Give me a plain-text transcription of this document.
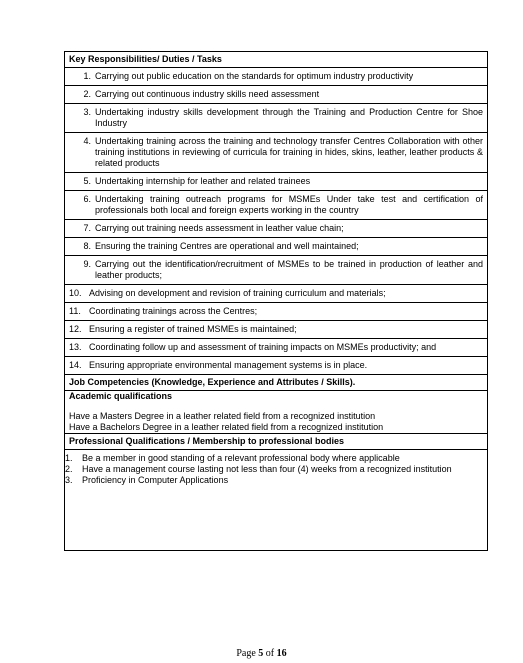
Key Responsibilities/ Duties / Tasks

1. Carrying out public education on the standards for optimum industry productivity

2. Carrying out continuous industry skills need assessment

3. Undertaking industry skills development through the Training and Production Centre for Shoe Industry

4. Undertaking training across the training and technology transfer Centres Collaboration with other training institutions in reviewing of curricula for training in hides, skins, leather, leather products & related products

5. Undertaking internship for leather and related trainees

6. Undertaking training outreach programs for MSMEs Under take test and certification of professionals both local and foreign experts working in the country

7. Carrying out training needs assessment in leather value chain;

8. Ensuring the training Centres are operational and well maintained;

9. Carrying out the identification/recruitment of MSMEs to be trained in production of leather and leather products;

10. Advising on development and revision of training curriculum and materials;

11. Coordinating trainings across the Centres;

12. Ensuring a register of trained MSMEs is maintained;

13. Coordinating follow up and assessment of training impacts on MSMEs productivity; and

14. Ensuring appropriate environmental management systems is in place.

Job Competencies (Knowledge, Experience and Attributes / Skills).

Academic qualifications
Have a Masters Degree in a leather related field from a recognized institution
Have a Bachelors Degree in a leather related field from a recognized institution

Professional Qualifications / Membership to professional bodies

1.	Be a member in good standing of a relevant professional body where applicable
2.	Have a management course lasting not less than four (4) weeks from a recognized institution
3.	Proficiency in Computer Applications
Page 5 of 16
